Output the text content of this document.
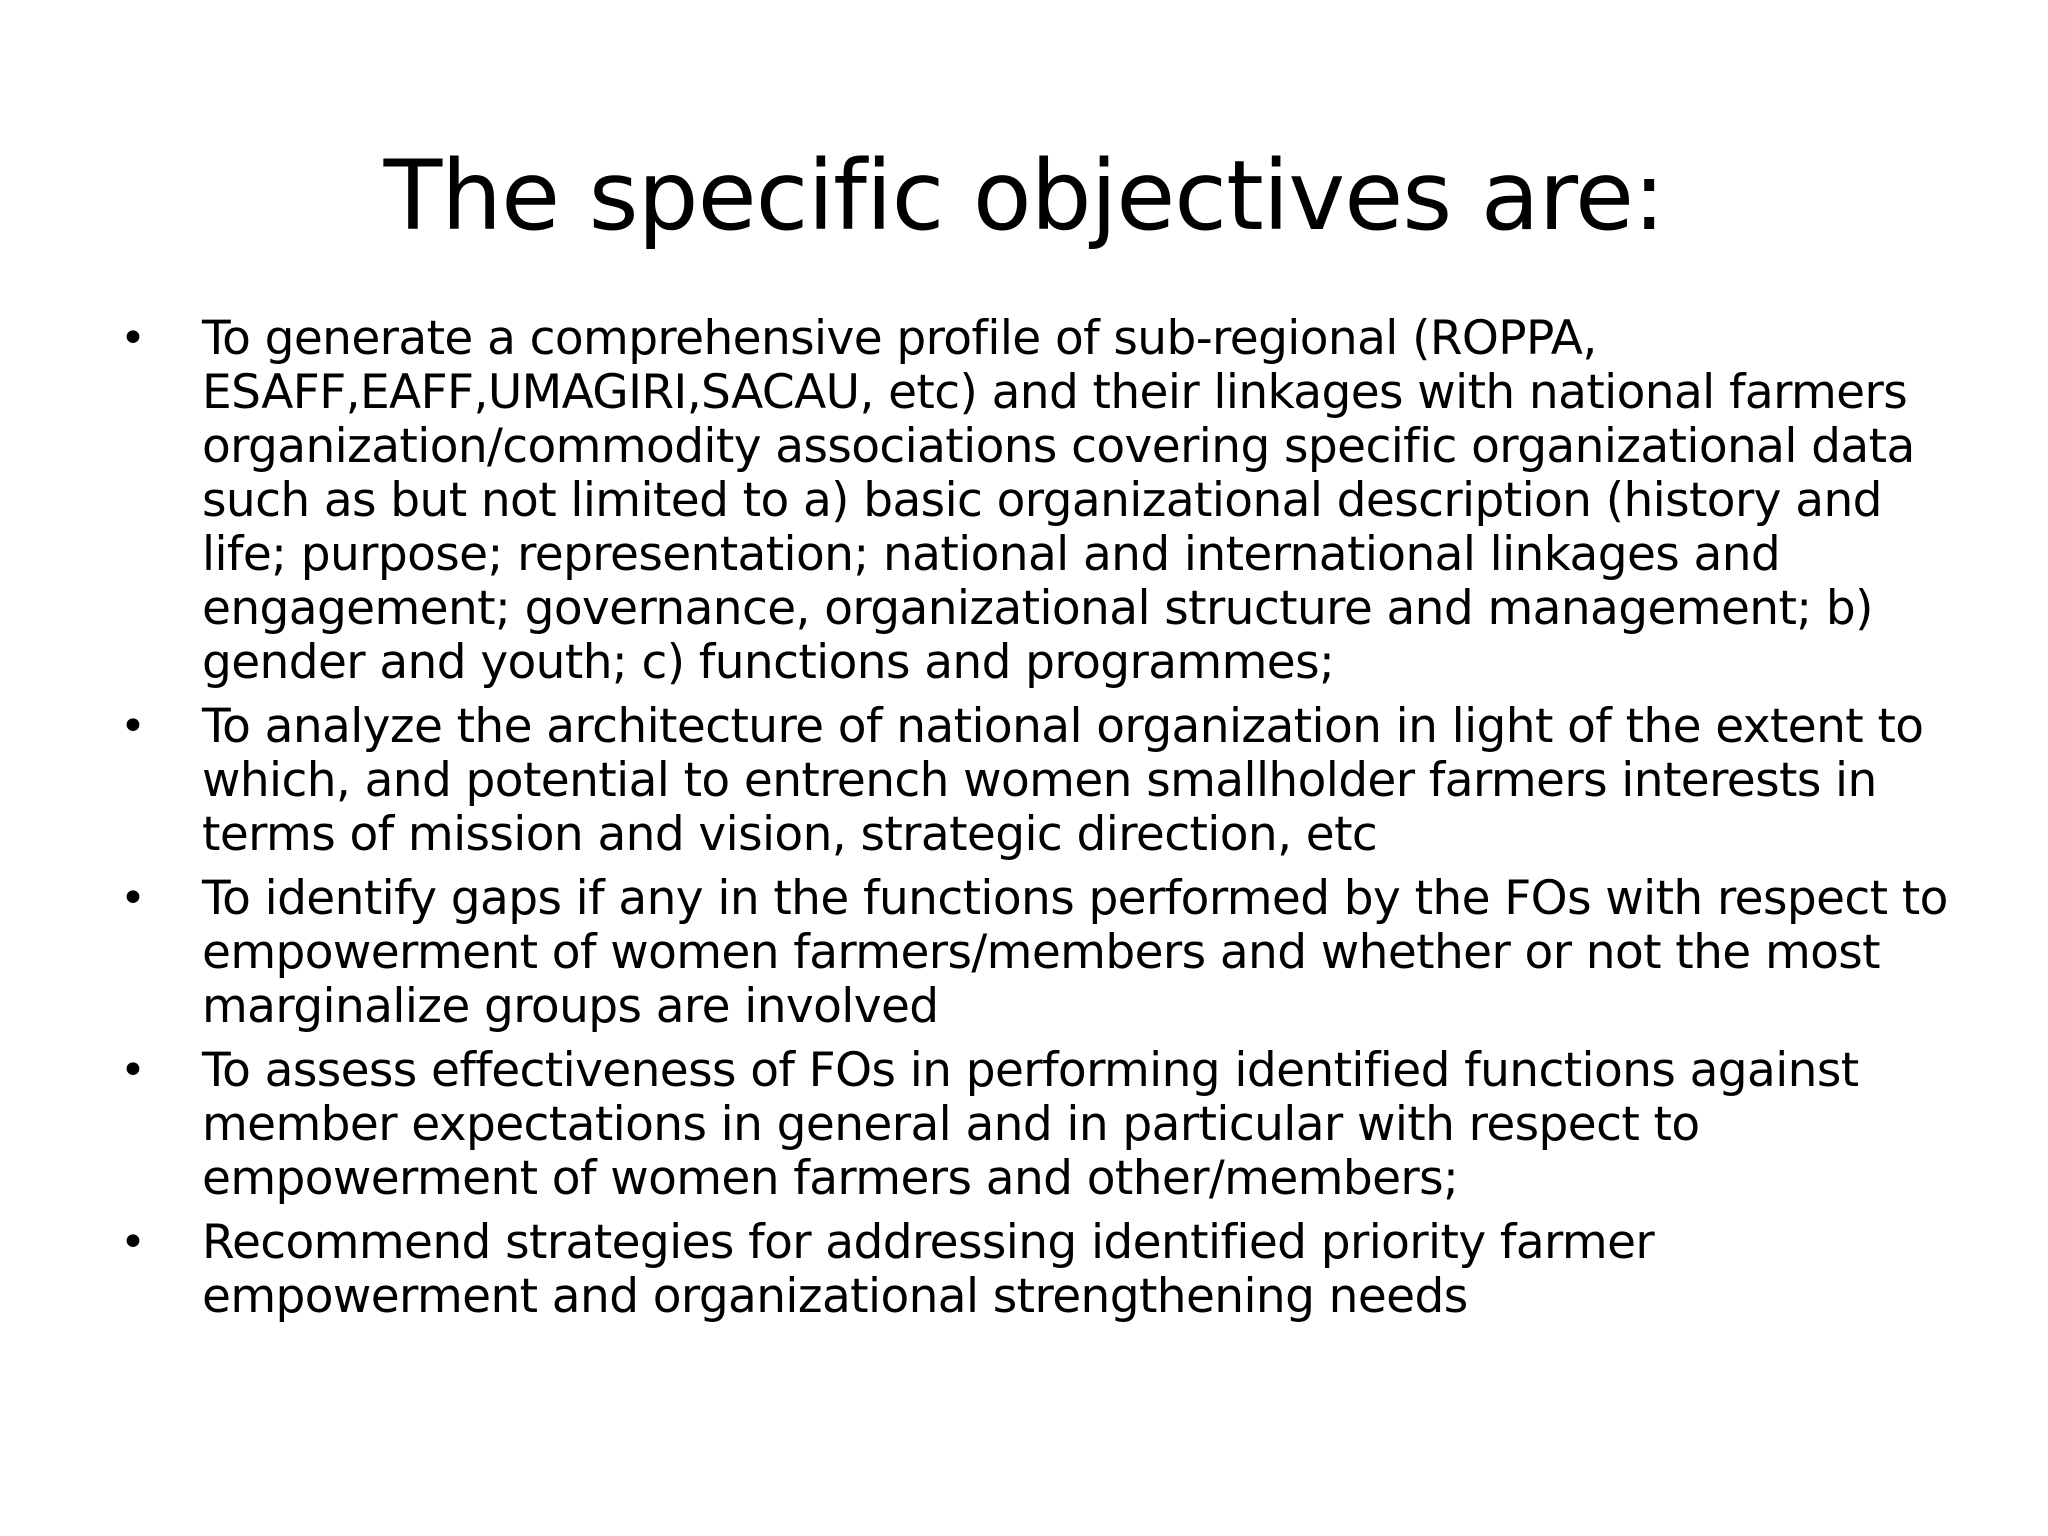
The specific objectives are:
•	To generate a comprehensive profile of sub-regional (ROPPA, ESAFF,EAFF,UMAGIRI,SACAU, etc) and their linkages with national farmers organization/commodity associations covering specific organizational data such as but not limited to a) basic organizational description (history and life; purpose; representation; national and international linkages and engagement; governance, organizational structure and management; b) gender and youth; c) functions and programmes;
•	To analyze the architecture of national organization in light of the extent to which, and potential to entrench women smallholder farmers interests in terms of mission and vision, strategic direction, etc
•	To identify gaps if any in the functions performed by the FOs with respect to empowerment of women farmers/members and whether or not the most marginalize groups are involved
•	To assess effectiveness of FOs in performing identified functions against member expectations in general and in particular with respect to empowerment of women farmers and other/members;
•	Recommend strategies for addressing identified priority farmer empowerment and organizational strengthening needs
